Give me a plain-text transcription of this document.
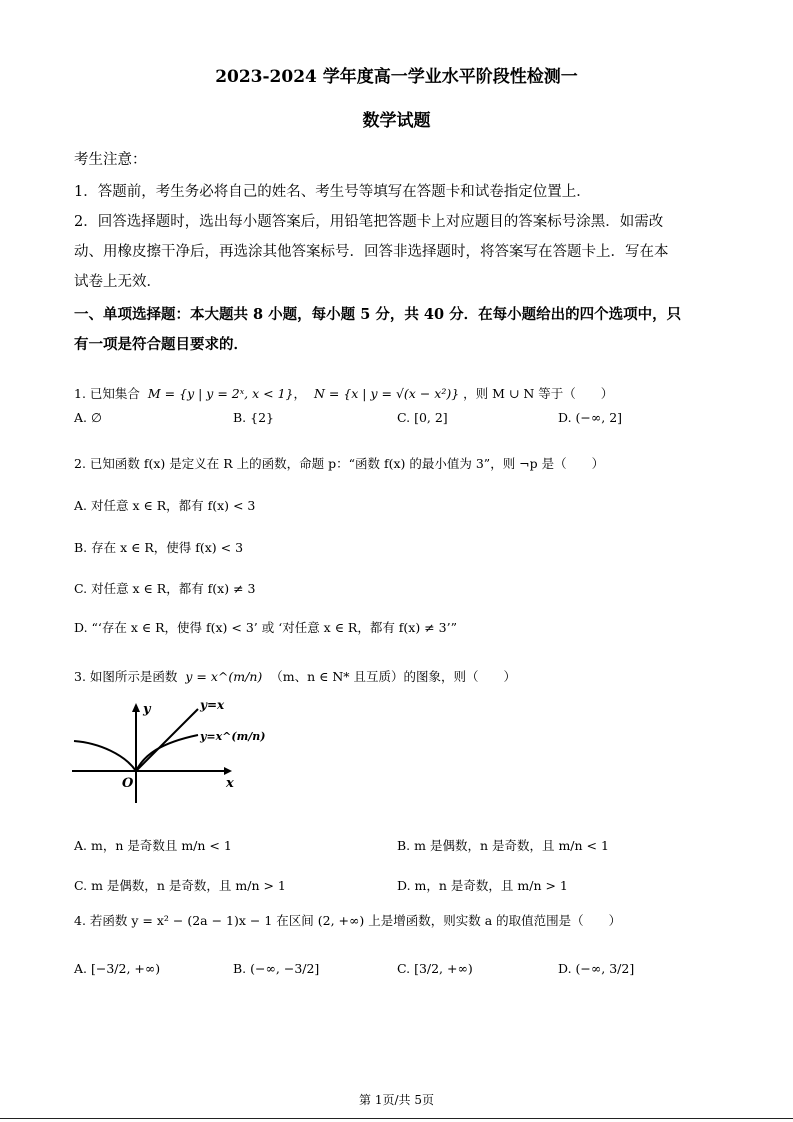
2023-2024 学年度高一学业水平阶段性检测一
数学试题
考生注意：
1．答题前，考生务必将自己的姓名、考生号等填写在答题卡和试卷指定位置上．
2．回答选择题时，选出每小题答案后，用铅笔把答题卡上对应题目的答案标号涂黑．如需改
动、用橡皮擦干净后，再选涂其他答案标号．回答非选择题时，将答案写在答题卡上．写在本
试卷上无效．
一、单项选择题：本大题共 8 小题，每小题 5 分，共 40 分．在每小题给出的四个选项中，只
有一项是符合题目要求的．
1. 已知集合 M = {y | y = 2ˣ, x < 1}， N = {x | y = √(x − x²)} ，则 M ∪ N 等于（　　）
A. ∅	B. {2}	C. [0, 2]	D. (−∞, 2]
2. 已知函数 f(x) 是定义在 R 上的函数，命题 p：“函数 f(x) 的最小值为 3”，则 ¬p 是（　　）
A. 对任意 x ∈ R，都有 f(x) < 3
B. 存在 x ∈ R，使得 f(x) < 3
C. 对任意 x ∈ R，都有 f(x) ≠ 3
D. “‘存在 x ∈ R，使得 f(x) < 3’ 或 ‘对任意 x ∈ R，都有 f(x) ≠ 3’”
3. 如图所示是函数 y = x^(m/n) （m、n ∈ N* 且互质）的图象，则（　　）
y
x
O
y=x
y=x^(m/n)
A. m，n 是奇数且 m/n < 1	B. m 是偶数，n 是奇数，且 m/n < 1
C. m 是偶数，n 是奇数，且 m/n > 1	D. m，n 是奇数，且 m/n > 1
4. 若函数 y = x² − (2a − 1)x − 1 在区间 (2, +∞) 上是增函数，则实数 a 的取值范围是（　　）
A. [−3/2, +∞)	B. (−∞, −3/2]	C. [3/2, +∞)	D. (−∞, 3/2]
第 1页/共 5页
